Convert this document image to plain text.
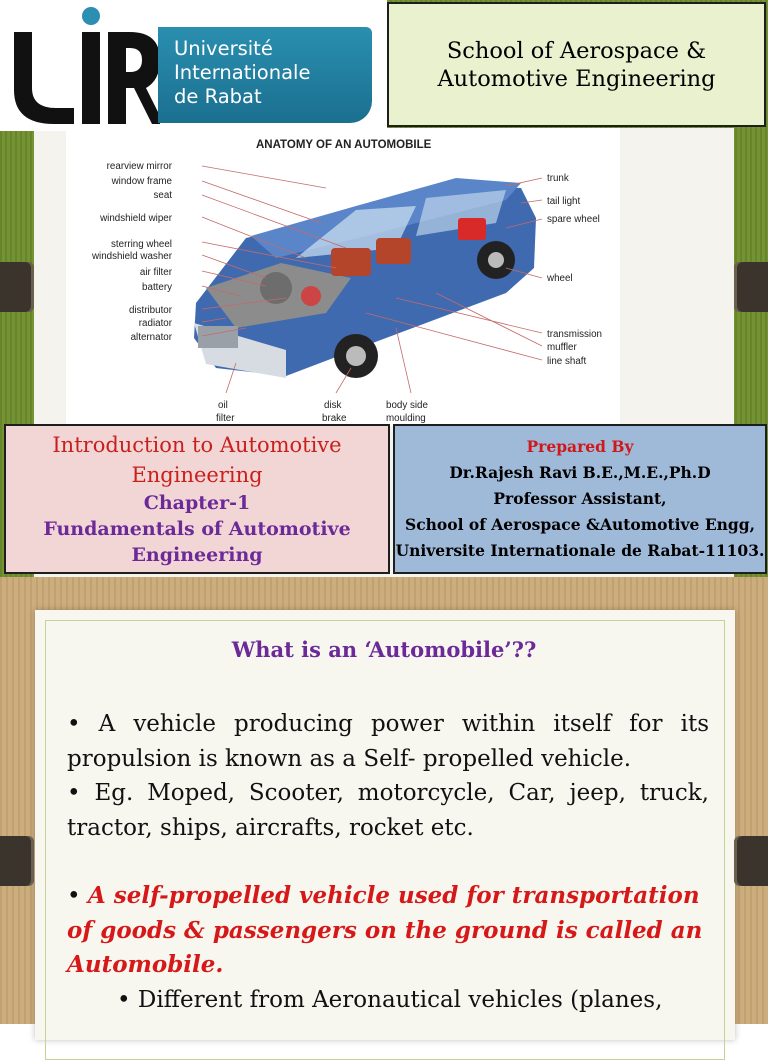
Université
Internationale
de Rabat
School of Aerospace &
Automotive Engineering
ANATOMY OF AN AUTOMOBILE
rearview mirror
window frame
seat
windshield wiper
sterring wheel
windshield washer
air filter
battery
distributor
radiator
alternator
trunk
tail light
spare wheel
wheel
transmission
muffler
line shaft
oil
filter
disk
brake
body side
moulding
Introduction to Automotive
Engineering
Chapter-1
Fundamentals of Automotive
Engineering
Prepared By
Dr.Rajesh Ravi B.E.,M.E.,Ph.D
Professor Assistant,
School of Aerospace &Automotive Engg,
Universite Internationale de Rabat-11103.
What is an ‘Automobile’??

• A vehicle producing power within itself for its propulsion is known as a Self- propelled vehicle.

• Eg. Moped, Scooter, motorcycle, Car, jeep, truck, tractor, ships, aircrafts, rocket etc.

• A self-propelled vehicle used for transportation of goods & passengers on the ground is called an Automobile.

• Different from Aeronautical vehicles (planes,
